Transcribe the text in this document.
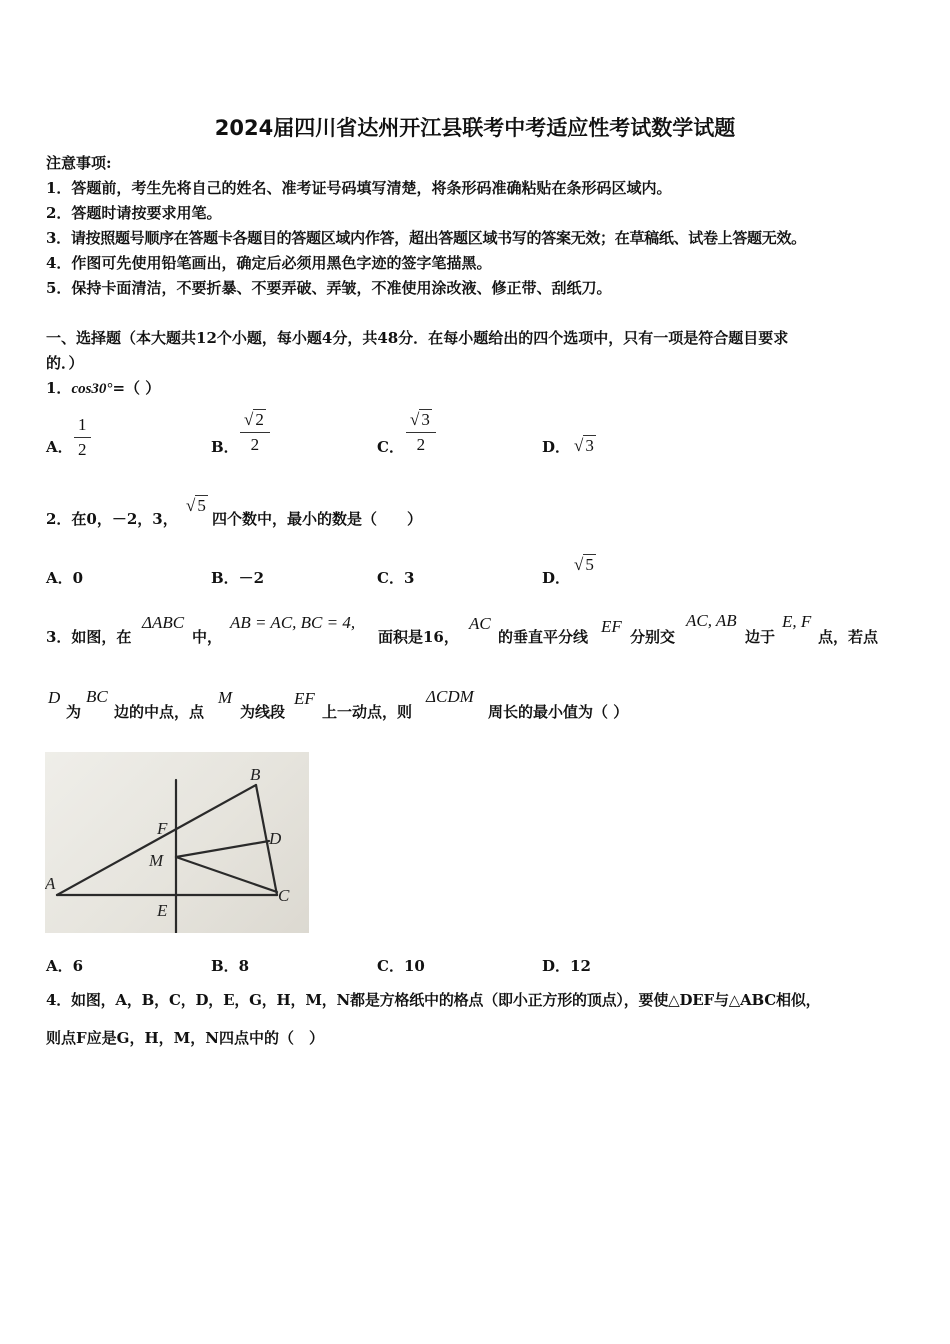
2024届四川省达州开江县联考中考适应性考试数学试题
注意事项:
1．答题前，考生先将自己的姓名、准考证号码填写清楚，将条形码准确粘贴在条形码区域内。
2．答题时请按要求用笔。
3．请按照题号顺序在答题卡各题目的答题区域内作答，超出答题区域书写的答案无效；在草稿纸、试卷上答题无效。
4．作图可先使用铅笔画出，确定后必须用黑色字迹的签字笔描黑。
5．保持卡面清洁，不要折暴、不要弄破、弄皱，不准使用涂改液、修正带、刮纸刀。
一、选择题（本大题共12个小题，每小题4分，共48分．在每小题给出的四个选项中，只有一项是符合题目要求
的．）
1．cos30°=（ ）
A． $\frac{1}{2}$	B． $\frac{√ 2}{2}$	C． $\frac{√ 3}{2}$	D． √ 3
2．在0，－2，3，
√ 5
四个数中，最小的数是（　　）
A．0	B．－2	C．3	D．
√ 5
3．如图，在
ΔABC
中，
AB = AC, BC = 4,
面积是16，
AC
的垂直平分线
EF
分别交
AC, AB
边于
E, F
点，若点
D
为
BC
边的中点，点
M
为线段
EF
上一动点，则
ΔCDM
周长的最小值为（ ）
B
F
D
M
A
C
E
A．6	B．8	C．10	D．12
4．如图，A，B，C，D，E，G，H，M，N都是方格纸中的格点（即小正方形的顶点），要使△DEF与△ABC相似，
则点F应是G，H，M，N四点中的（　）
